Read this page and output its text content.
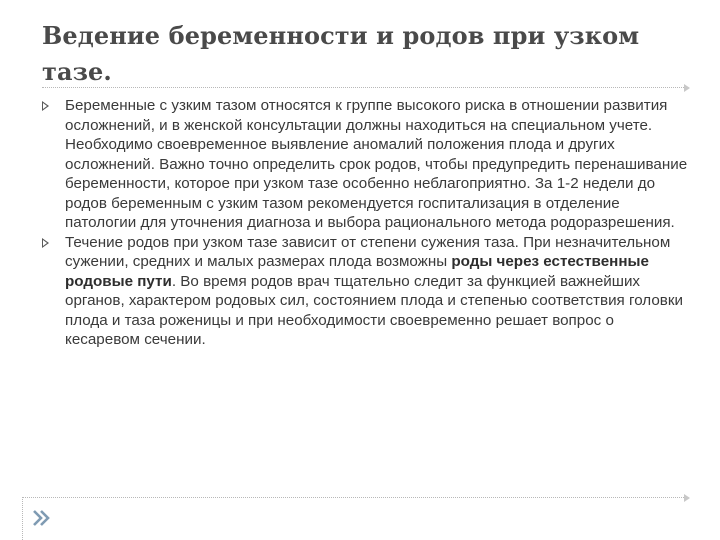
Ведение беременности и родов при узком тазе.
Беременные с узким тазом относятся к группе высокого риска в отношении развития осложнений, и в женской консультации должны находиться на специальном учете. Необходимо своевременное выявление аномалий положения плода и других осложнений. Важно точно определить срок родов, чтобы предупредить перенашивание беременности, которое при узком тазе особенно неблагоприятно. За 1-2 недели до родов беременным с узким тазом рекомендуется госпитализация в отделение патологии для уточнения диагноза и выбора рационального метода родоразрешения.
Течение родов при узком тазе зависит от степени сужения таза. При незначительном сужении, средних и малых размерах плода возможны роды через естественные родовые пути. Во время родов врач тщательно следит за функцией важнейших органов, характером родовых сил, состоянием плода и степенью соответствия головки плода и таза роженицы и при необходимости своевременно решает вопрос о кесаревом сечении.
